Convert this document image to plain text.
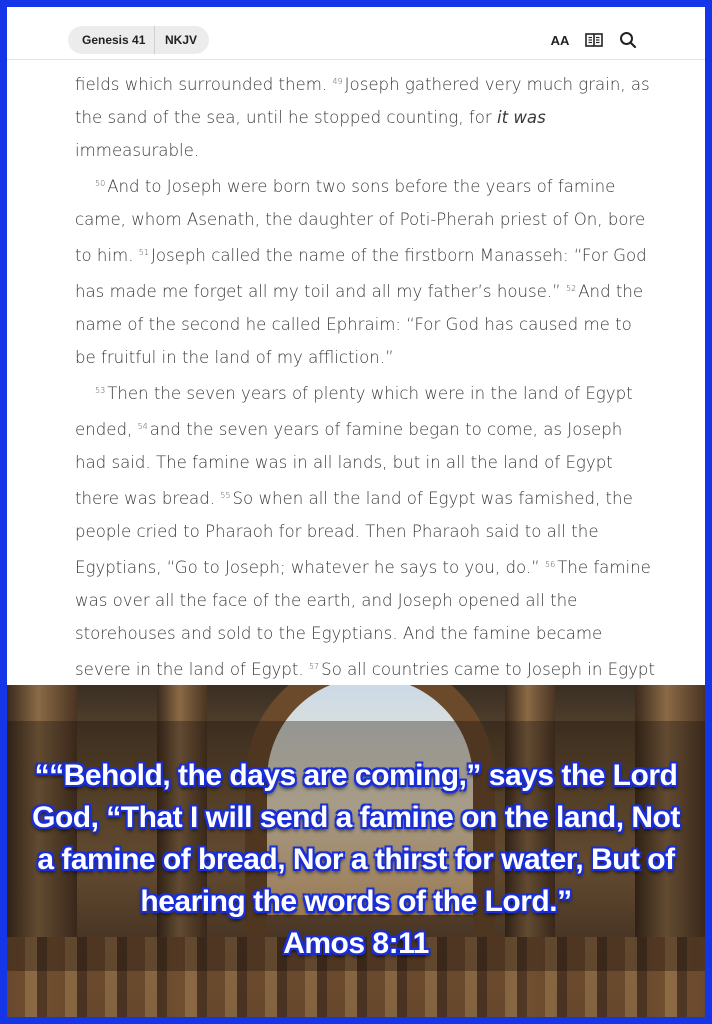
Genesis 41	NKJV	AA

fields which surrounded them. $^{49}$ Joseph gathered very much grain, as the sand of the sea, until he stopped counting, for it was immeasurable.

$^{50}$ And to Joseph were born two sons before the years of famine came, whom Asenath, the daughter of Poti-Pherah priest of On, bore to him. $^{51}$ Joseph called the name of the firstborn Manasseh: “For God has made me forget all my toil and all my father’s house.” $^{52}$ And the name of the second he called Ephraim: “For God has caused me to be fruitful in the land of my affliction.”

$^{53}$ Then the seven years of plenty which were in the land of Egypt ended, $^{54}$ and the seven years of famine began to come, as Joseph had said. The famine was in all lands, but in all the land of Egypt there was bread. $^{55}$ So when all the land of Egypt was famished, the people cried to Pharaoh for bread. Then Pharaoh said to all the Egyptians, “Go to Joseph; whatever he says to you, do.” $^{56}$ The famine was over all the face of the earth, and Joseph opened all the storehouses and sold to the Egyptians. And the famine became severe in the land of Egypt. $^{57}$ So all countries came to Joseph in Egypt

““Behold, the days are coming,” says the Lord God, “That I will send a famine on the land, Not a famine of bread, Nor a thirst for water, But of hearing the words of the Lord.”
Amos 8:11
